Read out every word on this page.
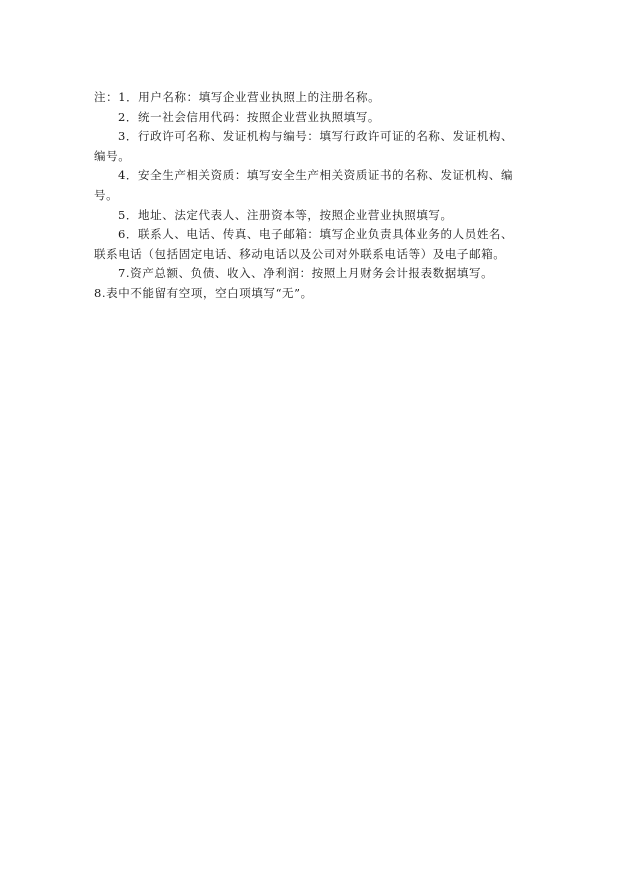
注：1．用户名称：填写企业营业执照上的注册名称。

2．统一社会信用代码：按照企业营业执照填写。

3．行政许可名称、发证机构与编号：填写行政许可证的名称、发证机构、

编号。

4．安全生产相关资质：填写安全生产相关资质证书的名称、发证机构、编

号。

5．地址、法定代表人、注册资本等，按照企业营业执照填写。

6．联系人、电话、传真、电子邮箱：填写企业负责具体业务的人员姓名、

联系电话（包括固定电话、移动电话以及公司对外联系电话等）及电子邮箱。

7.资产总额、负债、收入、净利润：按照上月财务会计报表数据填写。

8.表中不能留有空项，空白项填写“无”。
